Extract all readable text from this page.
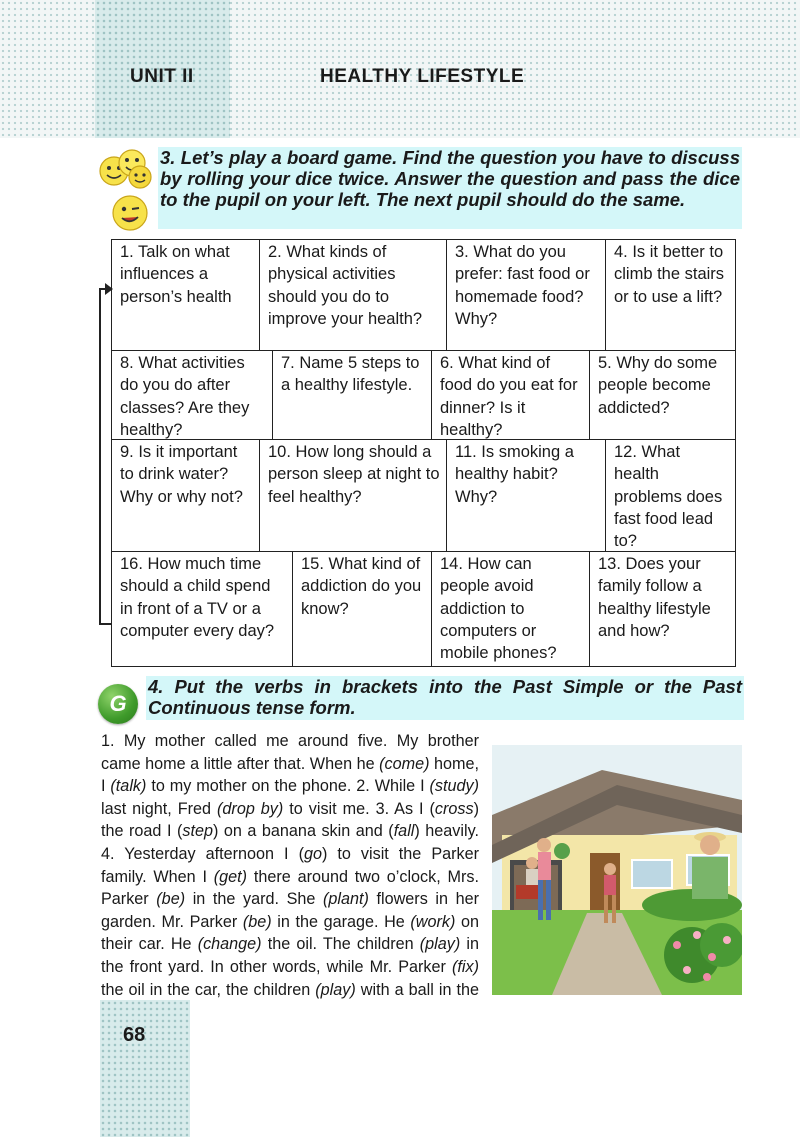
UNIT II	HEALTHY LIFESTYLE
3. Let’s play a board game. Find the question you have to discuss by rolling your dice twice. Answer the question and pass the dice to the pupil on your left. The next pupil should do the same.
1. Talk on what influences a person’s health
2. What kinds of physical activities should you do to improve your health?
3. What do you prefer: fast food or homemade food? Why?
4. Is it better to climb the stairs or to use a lift?
8. What activities do you do after classes? Are they healthy?
7. Name 5 steps to a healthy lifestyle.
6. What kind of food do you eat for dinner? Is it healthy?
5. Why do some people become addicted?
9. Is it important to drink water? Why or why not?
10. How long should a person sleep at night to feel healthy?
11. Is smoking a healthy habit? Why?
12. What health problems does fast food lead to?
16. How much time should a child spend in front of a TV or a computer every day?
15. What kind of addiction do you know?
14. How can people avoid addiction to computers or mobile phones?
13. Does your family follow a healthy lifestyle and how?
G
4. Put the verbs in brackets into the Past Simple or the Past Continuous tense form.
1. My mother called me around five. My brother came home a little after that. When he (come) home, I (talk) to my mother on the phone. 2. While I (study) last night, Fred (drop by) to visit me. 3. As I (cross) the road I (step) on a banana skin and (fall) heavily. 4. Yesterday afternoon I (go) to visit the Parker family. When I (get) there around two o’clock, Mrs. Parker (be) in the yard. She (plant) flowers in her garden. Mr. Parker (be) in the garage. He (work) on their car. He (change) the oil. The children (play) in the front yard. In other words, while Mr. Parker (fix) the oil in the car, the children (play) with a ball in the
68
